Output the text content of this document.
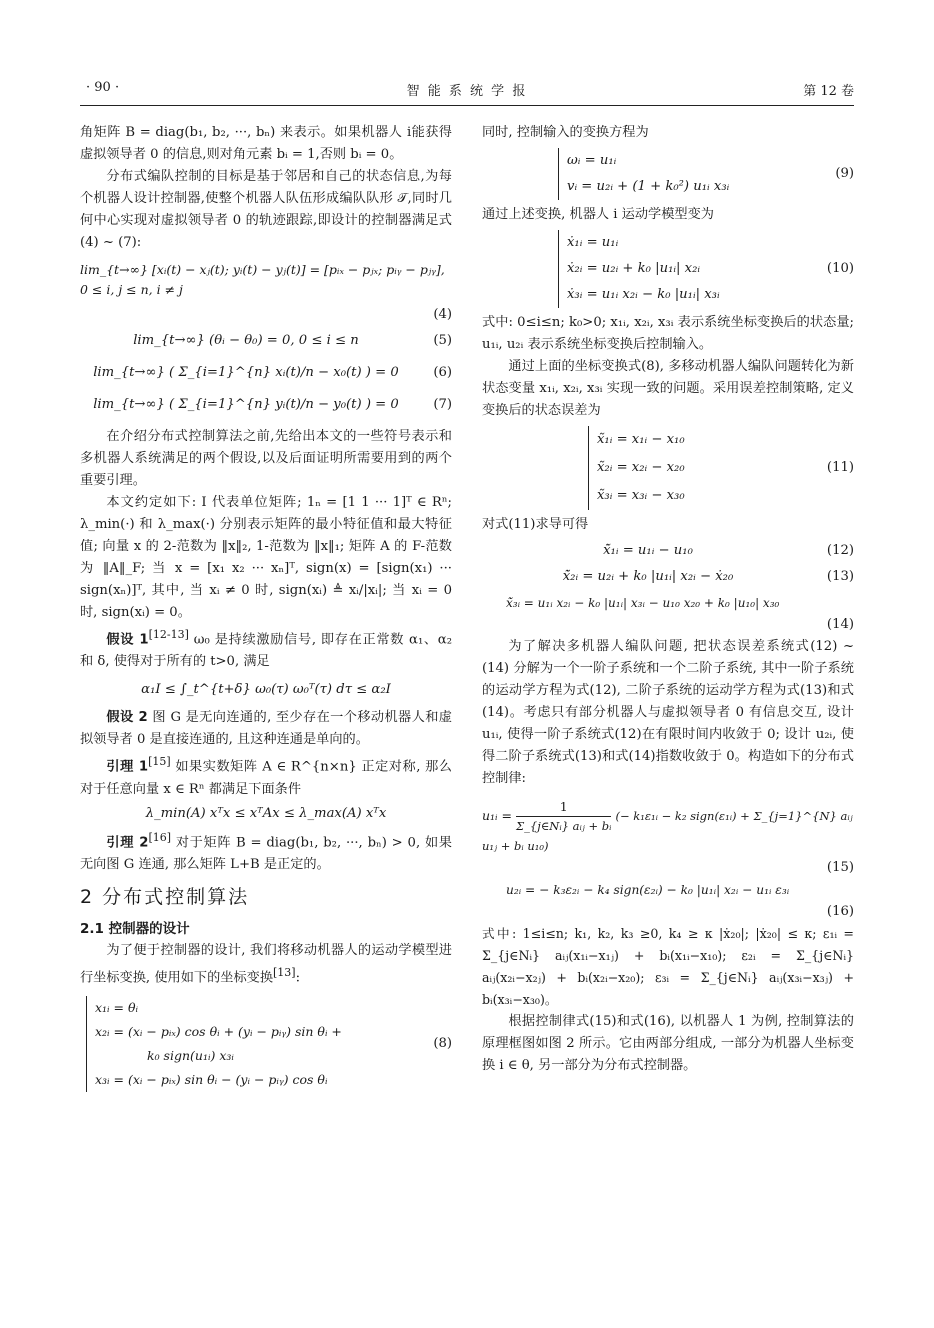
· 90 ·	智 能 系 统 学 报	第 12 卷

角矩阵 B = diag(b₁, b₂, ···, bₙ) 来表示。如果机器人 i能获得虚拟领导者 0 的信息,则对角元素 bᵢ = 1,否则 bᵢ = 0。

分布式编队控制的目标是基于邻居和自己的状态信息,为每个机器人设计控制器,使整个机器人队伍形成编队队形 𝒯,同时几何中心实现对虚拟领导者 0 的轨迹跟踪,即设计的控制器满足式(4) ~ (7):

lim_{t→∞} [xᵢ(t) − xⱼ(t); yᵢ(t) − yⱼ(t)] = [pᵢₓ − pⱼₓ; pᵢᵧ − pⱼᵧ], 0 ≤ i, j ≤ n, i ≠ j
(4)
lim_{t→∞} (θᵢ − θ₀) = 0, 0 ≤ i ≤ n	(5)
lim_{t→∞} ( Σ_{i=1}^{n} xᵢ(t)/n − x₀(t) ) = 0	(6)
lim_{t→∞} ( Σ_{i=1}^{n} yᵢ(t)/n − y₀(t) ) = 0	(7)

在介绍分布式控制算法之前,先给出本文的一些符号表示和多机器人系统满足的两个假设,以及后面证明所需要用到的两个重要引理。

本文约定如下: I 代表单位矩阵; 1ₙ = [1 1 ··· 1]ᵀ ∈ Rⁿ; λ_min(·) 和 λ_max(·) 分别表示矩阵的最小特征值和最大特征值; 向量 x 的 2-范数为 ‖x‖₂, 1-范数为 ‖x‖₁; 矩阵 A 的 F-范数为 ‖A‖_F; 当 x = [x₁ x₂ ··· xₙ]ᵀ, sign(x) = [sign(x₁) ··· sign(xₙ)]ᵀ, 其中, 当 xᵢ ≠ 0 时, sign(xᵢ) ≜ xᵢ/|xᵢ|; 当 xᵢ = 0 时, sign(xᵢ) = 0。

假设 1[12-13] ω₀ 是持续激励信号, 即存在正常数 α₁、α₂ 和 δ, 使得对于所有的 t>0, 满足

α₁I ≤ ∫_t^{t+δ} ω₀(τ) ω₀ᵀ(τ) dτ ≤ α₂I

假设 2 图 G 是无向连通的, 至少存在一个移动机器人和虚拟领导者 0 是直接连通的, 且这种连通是单向的。

引理 1[15] 如果实数矩阵 A ∈ R^{n×n} 正定对称, 那么对于任意向量 x ∈ Rⁿ 都满足下面条件

λ_min(A) xᵀx ≤ xᵀAx ≤ λ_max(A) xᵀx

引理 2[16] 对于矩阵 B = diag(b₁, b₂, ···, bₙ) > 0, 如果无向图 G 连通, 那么矩阵 L+B 是正定的。

2 分布式控制算法
2.1 控制器的设计

为了便于控制器的设计, 我们将移动机器人的运动学模型进行坐标变换, 使用如下的坐标变换[13]:

x₁ᵢ = θᵢ
x₂ᵢ = (xᵢ − pᵢₓ) cos θᵢ + (yᵢ − pᵢᵧ) sin θᵢ +
k₀ sign(u₁ᵢ) x₃ᵢ
x₃ᵢ = (xᵢ − pᵢₓ) sin θᵢ − (yᵢ − pᵢᵧ) cos θᵢ
(8)

同时, 控制输入的变换方程为

ωᵢ = u₁ᵢ
vᵢ = u₂ᵢ + (1 + k₀²) u₁ᵢ x₃ᵢ
(9)

通过上述变换, 机器人 i 运动学模型变为

ẋ₁ᵢ = u₁ᵢ
ẋ₂ᵢ = u₂ᵢ + k₀ |u₁ᵢ| x₂ᵢ
ẋ₃ᵢ = u₁ᵢ x₂ᵢ − k₀ |u₁ᵢ| x₃ᵢ
(10)

式中: 0≤i≤n; k₀>0; x₁ᵢ, x₂ᵢ, x₃ᵢ 表示系统坐标变换后的状态量; u₁ᵢ, u₂ᵢ 表示系统坐标变换后控制输入。

通过上面的坐标变换式(8), 多移动机器人编队问题转化为新状态变量 x₁ᵢ, x₂ᵢ, x₃ᵢ 实现一致的问题。采用误差控制策略, 定义变换后的状态误差为

x̃₁ᵢ = x₁ᵢ − x₁₀
x̃₂ᵢ = x₂ᵢ − x₂₀
x̃₃ᵢ = x₃ᵢ − x₃₀
(11)

对式(11)求导可得

x̃̇₁ᵢ = u₁ᵢ − u₁₀	(12)
x̃̇₂ᵢ = u₂ᵢ + k₀ |u₁ᵢ| x₂ᵢ − ẋ₂₀	(13)
x̃̇₃ᵢ = u₁ᵢ x₂ᵢ − k₀ |u₁ᵢ| x₃ᵢ − u₁₀ x₂₀ + k₀ |u₁₀| x₃₀
(14)

为了解决多机器人编队问题, 把状态误差系统式(12) ~ (14) 分解为一个一阶子系统和一个二阶子系统, 其中一阶子系统的运动学方程为式(12), 二阶子系统的运动学方程为式(13)和式(14)。考虑只有部分机器人与虚拟领导者 0 有信息交互, 设计 u₁ᵢ, 使得一阶子系统式(12)在有限时间内收敛于 0; 设计 u₂ᵢ, 使得二阶子系统式(13)和式(14)指数收敛于 0。构造如下的分布式控制律:

u₁ᵢ = $\frac{1}{\text{Σ\_\{j∈Nᵢ\} aᵢⱼ + bᵢ}}$ (− k₁ε₁ᵢ − k₂ sign(ε₁ᵢ) + Σ_{j=1}^{N} aᵢⱼ u₁ⱼ + bᵢ u₁₀)
(15)
u₂ᵢ = − k₃ε₂ᵢ − k₄ sign(ε₂ᵢ) − k₀ |u₁ᵢ| x₂ᵢ − u₁ᵢ ε₃ᵢ
(16)

式中: 1≤i≤n; k₁, k₂, k₃ ≥0, k₄ ≥ κ |ẋ₂₀|; |ẋ₂₀| ≤ κ; ε₁ᵢ = Σ_{j∈Nᵢ} aᵢⱼ(x₁ᵢ−x₁ⱼ) + bᵢ(x₁ᵢ−x₁₀); ε₂ᵢ = Σ_{j∈Nᵢ} aᵢⱼ(x₂ᵢ−x₂ⱼ) + bᵢ(x₂ᵢ−x₂₀); ε₃ᵢ = Σ_{j∈Nᵢ} aᵢⱼ(x₃ᵢ−x₃ⱼ) + bᵢ(x₃ᵢ−x₃₀)。

根据控制律式(15)和式(16), 以机器人 1 为例, 控制算法的原理框图如图 2 所示。它由两部分组成, 一部分为机器人坐标变换 i ∈ θ, 另一部分为分布式控制器。
